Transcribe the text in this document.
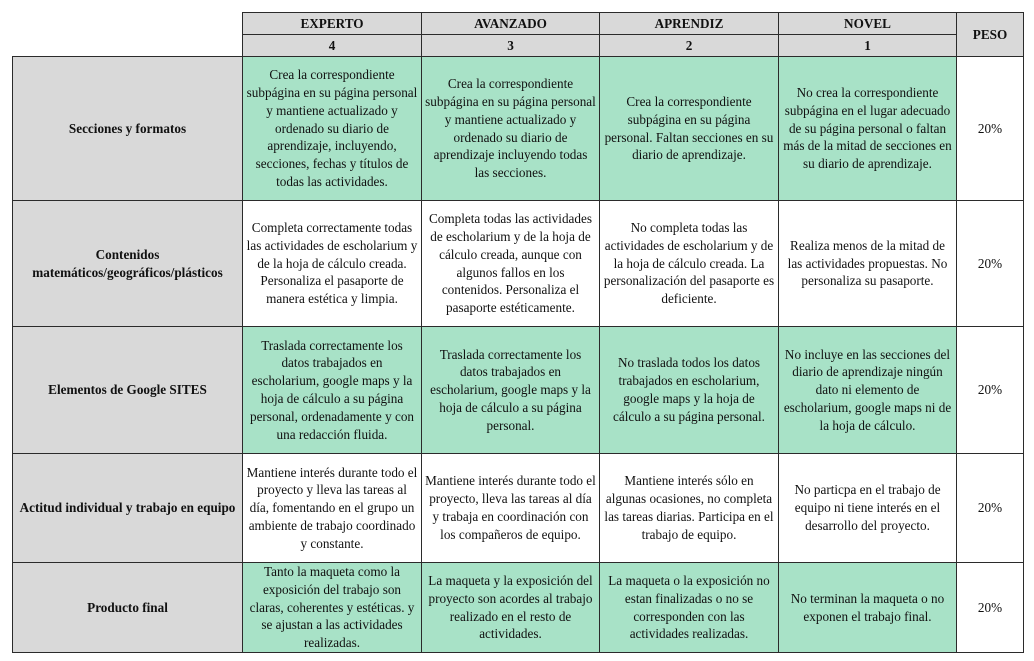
	EXPERTO	AVANZADO	APRENDIZ	NOVEL	PESO
	4	3	2	1	
Secciones y formatos	Crea la correspondiente subpágina en su página personal y mantiene actualizado y ordenado su diario de aprendizaje, incluyendo, secciones, fechas y títulos de todas las actividades.	Crea la correspondiente subpágina en su página personal y mantiene actualizado y ordenado su diario de aprendizaje incluyendo todas las secciones.	Crea la correspondiente subpágina en su página personal. Faltan secciones en su diario de aprendizaje.	No crea la correspondiente subpágina en el lugar adecuado de su página personal o faltan más de la mitad de secciones en su diario de aprendizaje.	20%
Contenidos matemáticos/geográficos/plásticos	Completa correctamente todas las actividades de escholarium y de la hoja de cálculo creada. Personaliza el pasaporte de manera estética y limpia.	Completa todas las actividades de escholarium y de la hoja de cálculo creada, aunque con algunos fallos en los contenidos. Personaliza el pasaporte estéticamente.	No completa todas las actividades de escholarium y de la hoja de cálculo creada. La personalización del pasaporte es deficiente.	Realiza menos de la mitad de las actividades propuestas. No personaliza su pasaporte.	20%
Elementos de Google SITES	Traslada correctamente los datos trabajados en escholarium, google maps y la hoja de cálculo a su página personal, ordenadamente y con una redacción fluida.	Traslada correctamente los datos trabajados en escholarium, google maps y la hoja de cálculo a su página personal.	No traslada todos los datos trabajados en escholarium, google maps y la hoja de cálculo a su página personal.	No incluye en las secciones del diario de aprendizaje ningún dato ni elemento de escholarium, google maps ni de la hoja de cálculo.	20%
Actitud individual y trabajo en equipo	Mantiene interés durante todo el proyecto y lleva las tareas al día, fomentando en el grupo un ambiente de trabajo coordinado y constante.	Mantiene interés durante todo el proyecto, lleva las tareas al día y trabaja en coordinación con los compañeros de equipo.	Mantiene interés sólo en algunas ocasiones, no completa las tareas diarias. Participa en el trabajo de equipo.	No particpa en el trabajo de equipo ni tiene interés en el desarrollo del proyecto.	20%
Producto final	Tanto la maqueta como la exposición del trabajo son claras, coherentes y estéticas. y se ajustan a las actividades realizadas.	La maqueta y la exposición del proyecto son acordes al trabajo realizado en el resto de actividades.	La maqueta o la exposición no estan finalizadas o no se corresponden con las actividades realizadas.	No terminan la maqueta o no exponen el trabajo final.	20%
